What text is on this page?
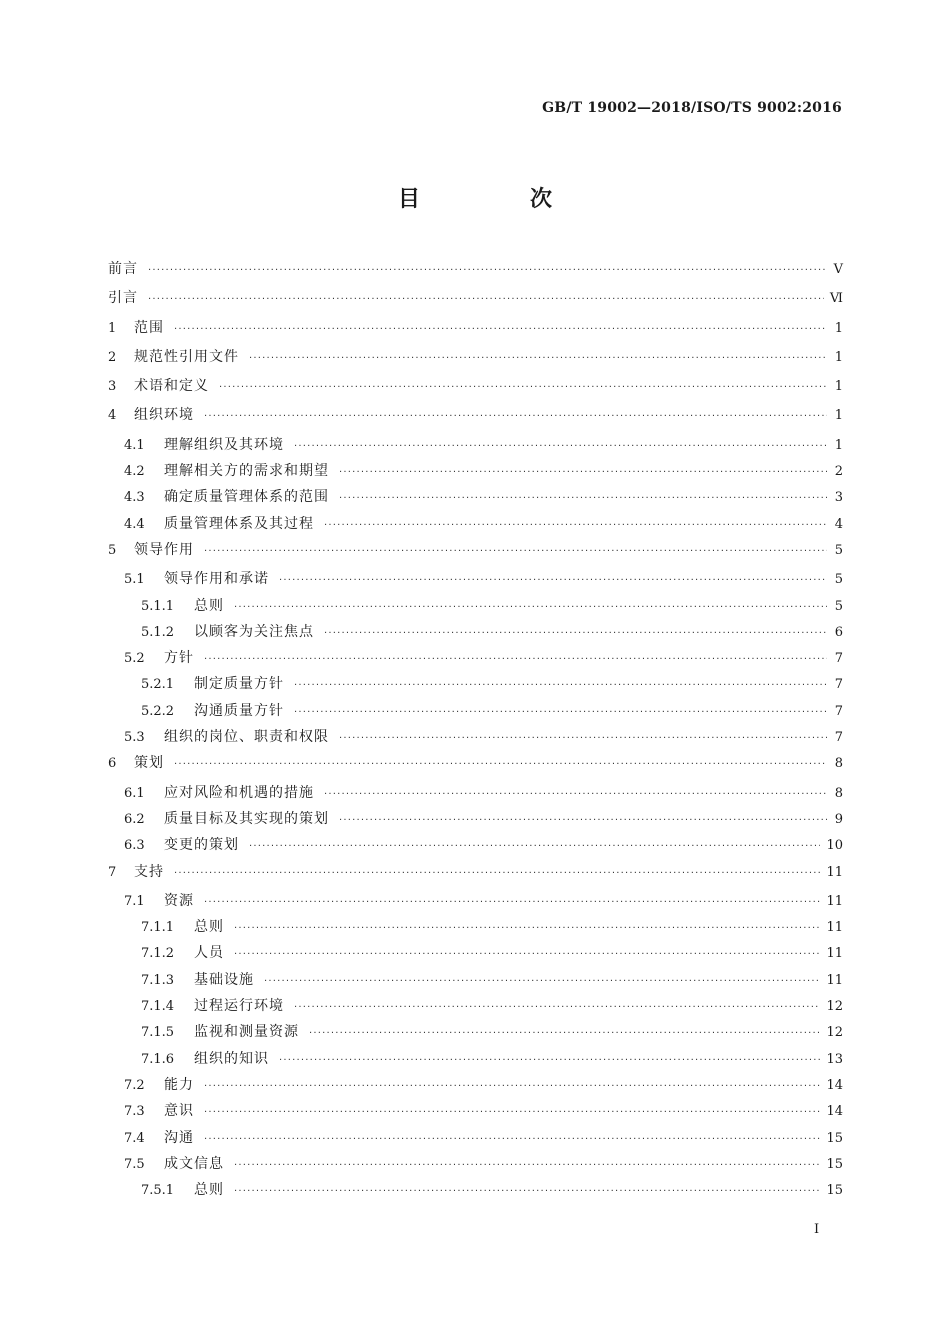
GB/T 19002—2018/ISO/TS 9002:2016
目　次
前言 ·····	Ⅴ
引言 ·····	Ⅵ
1	范围 ·····	1
2	规范性引用文件 ·····	1
3	术语和定义 ·····	1
4	组织环境 ·····	1
4.1	理解组织及其环境 ·····	1
4.2	理解相关方的需求和期望 ·····	2
4.3	确定质量管理体系的范围 ·····	3
4.4	质量管理体系及其过程 ·····	4
5	领导作用 ·····	5
5.1	领导作用和承诺 ·····	5
5.1.1	总则 ·····	5
5.1.2	以顾客为关注焦点 ·····	6
5.2	方针 ·····	7
5.2.1	制定质量方针 ·····	7
5.2.2	沟通质量方针 ·····	7
5.3	组织的岗位、职责和权限 ·····	7
6	策划 ·····	8
6.1	应对风险和机遇的措施 ·····	8
6.2	质量目标及其实现的策划 ·····	9
6.3	变更的策划 ·····	10
7	支持 ·····	11
7.1	资源 ·····	11
7.1.1	总则 ·····	11
7.1.2	人员 ·····	11
7.1.3	基础设施 ·····	11
7.1.4	过程运行环境 ·····	12
7.1.5	监视和测量资源 ·····	12
7.1.6	组织的知识 ·····	13
7.2	能力 ·····	14
7.3	意识 ·····	14
7.4	沟通 ·····	15
7.5	成文信息 ·····	15
7.5.1	总则 ·····	15
Ⅰ
